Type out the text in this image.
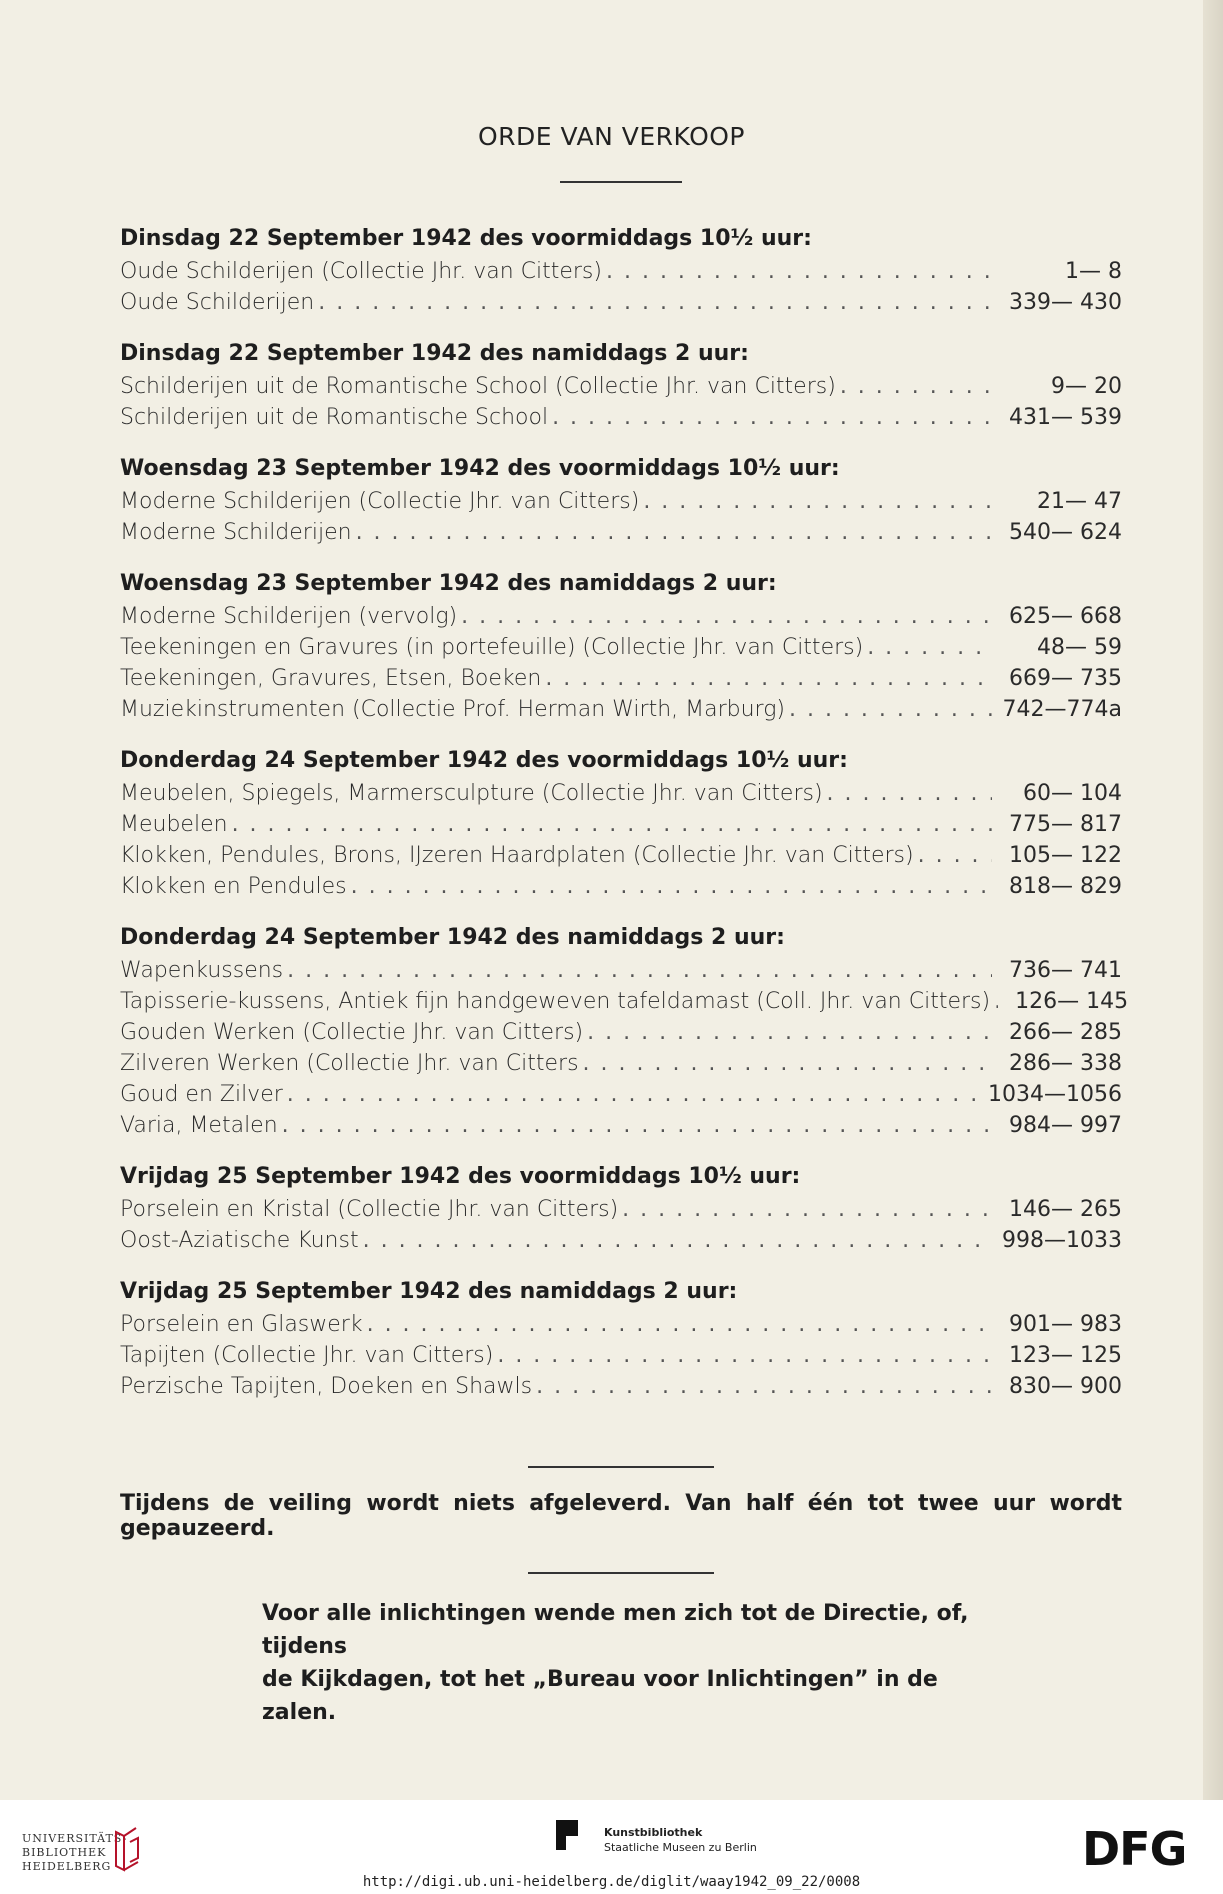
ORDE VAN VERKOOP
Dinsdag 22 September 1942 des voormiddags 10½ uur:
Oude Schilderijen (Collectie Jhr. van Citters) . . .	1— 8
Oude Schilderijen . . .	339— 430
Dinsdag 22 September 1942 des namiddags 2 uur:
Schilderijen uit de Romantische School (Collectie Jhr. van Citters) . . .	9— 20
Schilderijen uit de Romantische School . . .	431— 539
Woensdag 23 September 1942 des voormiddags 10½ uur:
Moderne Schilderijen (Collectie Jhr. van Citters) . . .	21— 47
Moderne Schilderijen . . .	540— 624
Woensdag 23 September 1942 des namiddags 2 uur:
Moderne Schilderijen (vervolg) . . .	625— 668
Teekeningen en Gravures (in portefeuille) (Collectie Jhr. van Citters) . . .	48— 59
Teekeningen, Gravures, Etsen, Boeken . . .	669— 735
Muziekinstrumenten (Collectie Prof. Herman Wirth, Marburg) . . .	742—774a
Donderdag 24 September 1942 des voormiddags 10½ uur:
Meubelen, Spiegels, Marmersculpture (Collectie Jhr. van Citters) . . .	60— 104
Meubelen . . .	775— 817
Klokken, Pendules, Brons, IJzeren Haardplaten (Collectie Jhr. van Citters) . . .	105— 122
Klokken en Pendules . . .	818— 829
Donderdag 24 September 1942 des namiddags 2 uur:
Wapenkussens . . .	736— 741
Tapisserie-kussens, Antiek fijn handgeweven tafeldamast (Coll. Jhr. van Citters) . . .	126— 145
Gouden Werken (Collectie Jhr. van Citters) . . .	266— 285
Zilveren Werken (Collectie Jhr. van Citters . . .	286— 338
Goud en Zilver . . .	1034—1056
Varia, Metalen . . .	984— 997
Vrijdag 25 September 1942 des voormiddags 10½ uur:
Porselein en Kristal (Collectie Jhr. van Citters) . . .	146— 265
Oost-Aziatische Kunst . . .	998—1033
Vrijdag 25 September 1942 des namiddags 2 uur:
Porselein en Glaswerk . . .	901— 983
Tapijten (Collectie Jhr. van Citters) . . .	123— 125
Perzische Tapijten, Doeken en Shawls . . .	830— 900
Tijdens de veiling wordt niets afgeleverd. Van half één tot twee uur wordt gepauzeerd.
Voor alle inlichtingen wende men zich tot de Directie, of, tijdens
de Kijkdagen, tot het „Bureau voor Inlichtingen” in de zalen.
UNIVERSITÄTS-
BIBLIOTHEK
HEIDELBERG
Kunstbibliothek
Staatliche Museen zu Berlin	DFG
http://digi.ub.uni-heidelberg.de/diglit/waay1942_09_22/0008
